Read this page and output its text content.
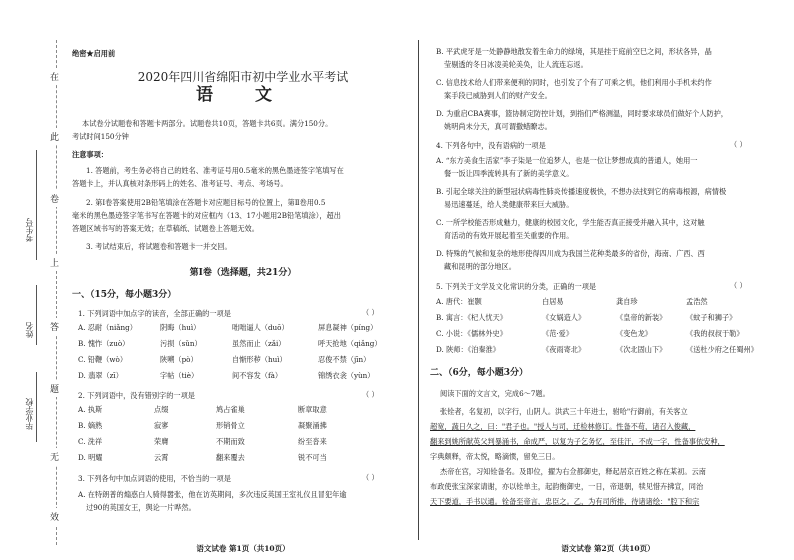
在
此
卷
上
答
题
无
效
考生号
姓名
毕业学校
绝密★启用前
2020年四川省绵阳市初中学业水平考试
语 文
本试卷分试题卷和答题卡两部分。试题卷共10页，答题卡共6页。满分150分。
考试时间150分钟
注意事项：
1. 答题前，考生务必将自己的姓名、准考证号用0.5毫米的黑色墨迹签字笔填写在
答题卡上，并认真核对条形码上的姓名、准考证号、考点、考场号。
2. 第Ⅰ卷答案使用2B铅笔填涂在答题卡对应题目标号的位置上，第Ⅱ卷用0.5
毫米的黑色墨迹签字笔书写在答题卡的对应框内（13、17小题用2B铅笔填涂），超出
答题区域书写的答案无效；在草稿纸、试题卷上答题无效。
3. 考试结束后，将试题卷和答题卡一并交回。
第Ⅰ卷（选择题，共21分）
一、（15分，每小题3分）
1. 下列词语中加点字的读音，全部正确的一项是	（ ）
A. 忍耐（niǎng）	阴晦（huì）	咄咄逼人（duō）	屏息凝神（píng）
B. 愧怍（zuò）	污损（sǔn）	虽然而止（zǎi）	呼天抢地（qiǎng）
C. 铅鞭（wò）	陕嗍（pò）	自惭形秽（huì）	忍俊不禁（jīn）
D. 翡翠（zī）	字帖（tiè）	间不容发（fà）	锦绣衣衾（yùn）
2. 下列词语中，没有错别字的一项是	（ ）
A. 执斯	点缀	鸠占雀巢	断章取意
B. 嫡熟	寂寥	形销骨立	凝聚涌拂
C. 洗祥	荣膺	不期而致	纷至沓来
D. 明耀	云霄	翻来覆去	锐不可当
3. 下列各句中加点词语的使用，不恰当的一项是	（ ）
A. 在特朗普的煽惑白人骑得嚣张，他在访英期间，多次违反英国王室礼仪且冒犯年逾
过90的英国女王，舆论一片哗然。
语文试卷 第1页（共10页）
B. 平武虎牙是一处静静地散发着生命力的绿境，其是挂于庭前空巳之间，形状各异，晶
莹剔透的冬日冰凌美轮美奂，让人流连忘返。
C. 信息技术给人们带来便利的同时，也引发了个有了可乘之机，他们利用小手机未约作
案手段已威胁到人们的财产安全。
D. 为重启CBA赛事，篮协制定防控计划，到指们严格测温，同时要求球员们做好个人防护，
姚明尚未分天，真可谓撒蜡瞭志。
4. 下列各句中，没有语病的一项是	（ ）
A. “东方美食生活家”李子柒是一位追梦人，也是一位让梦想成真的普通人，她用一
餐一饭让四季流转具有了新的美学意义。
B. 引起全球关注的新型冠状病毒性肺炎传播速度极快，不想办法找到它的病毒根源，病情极
易迅速蔓延，给人类健康带来巨大威胁。
C. 一所学校能否形成魅力，健康的校园文化，学生能否真正接受并融入其中，这对触
育活动的有效开展起着至关重要的作用。
D. 特殊的气候和复杂的地形使得四川成为我国兰花种类最多的省份，海南、广西、西
藏和昆明的部分地区。
5. 下列关于文学及文化常识的分类，正确的一项是	（ ）
A. 唐代：崔颢	白居易	龚自珍	孟浩然
B. 寓言：《杞人忧天》	《女娲造人》	《皇帝的新装》	《蚊子和狮子》
C. 小说：《儒林外史》	《范·爱》	《变色龙》	《我的叔叔于勒》
D. 陕师：《泊秦淮》	《夜雨寄北》	《次北固山下》	《送杜少府之任蜀州》
二、（6分，每小题3分）
阅读下面的文言文，完成6～7题。
张铨者，名复初，以字行，山阴人。洪武三十年进士，驸哈"行御前，有关客立
超宽，蔬日久之，曰："君子也。"授人与司，迁检林修订。性备不苟，诸召入俊藏，
翻来到姚所献英父判暴涌书，命成严，以复为子乞务忆，至佳汗，不成一字，性备事依安种，
字典颇释，帝太悦，略滴惯，留免三日。
杰帝在宫，习知铨备名。及即位，擢为右佥都御史，释起居京百姓之称在某初。云南
布政使张宝深家请谢，亦以铨单主，起韵衡御史，一日，帝退朝，犊见惜卉拂宣，同治
天下要道，手书以通。铨备至帝言，忠臣之。乙，为有司所排，待诸诸绘："腔下和宗
语文试卷 第2页（共10页）
